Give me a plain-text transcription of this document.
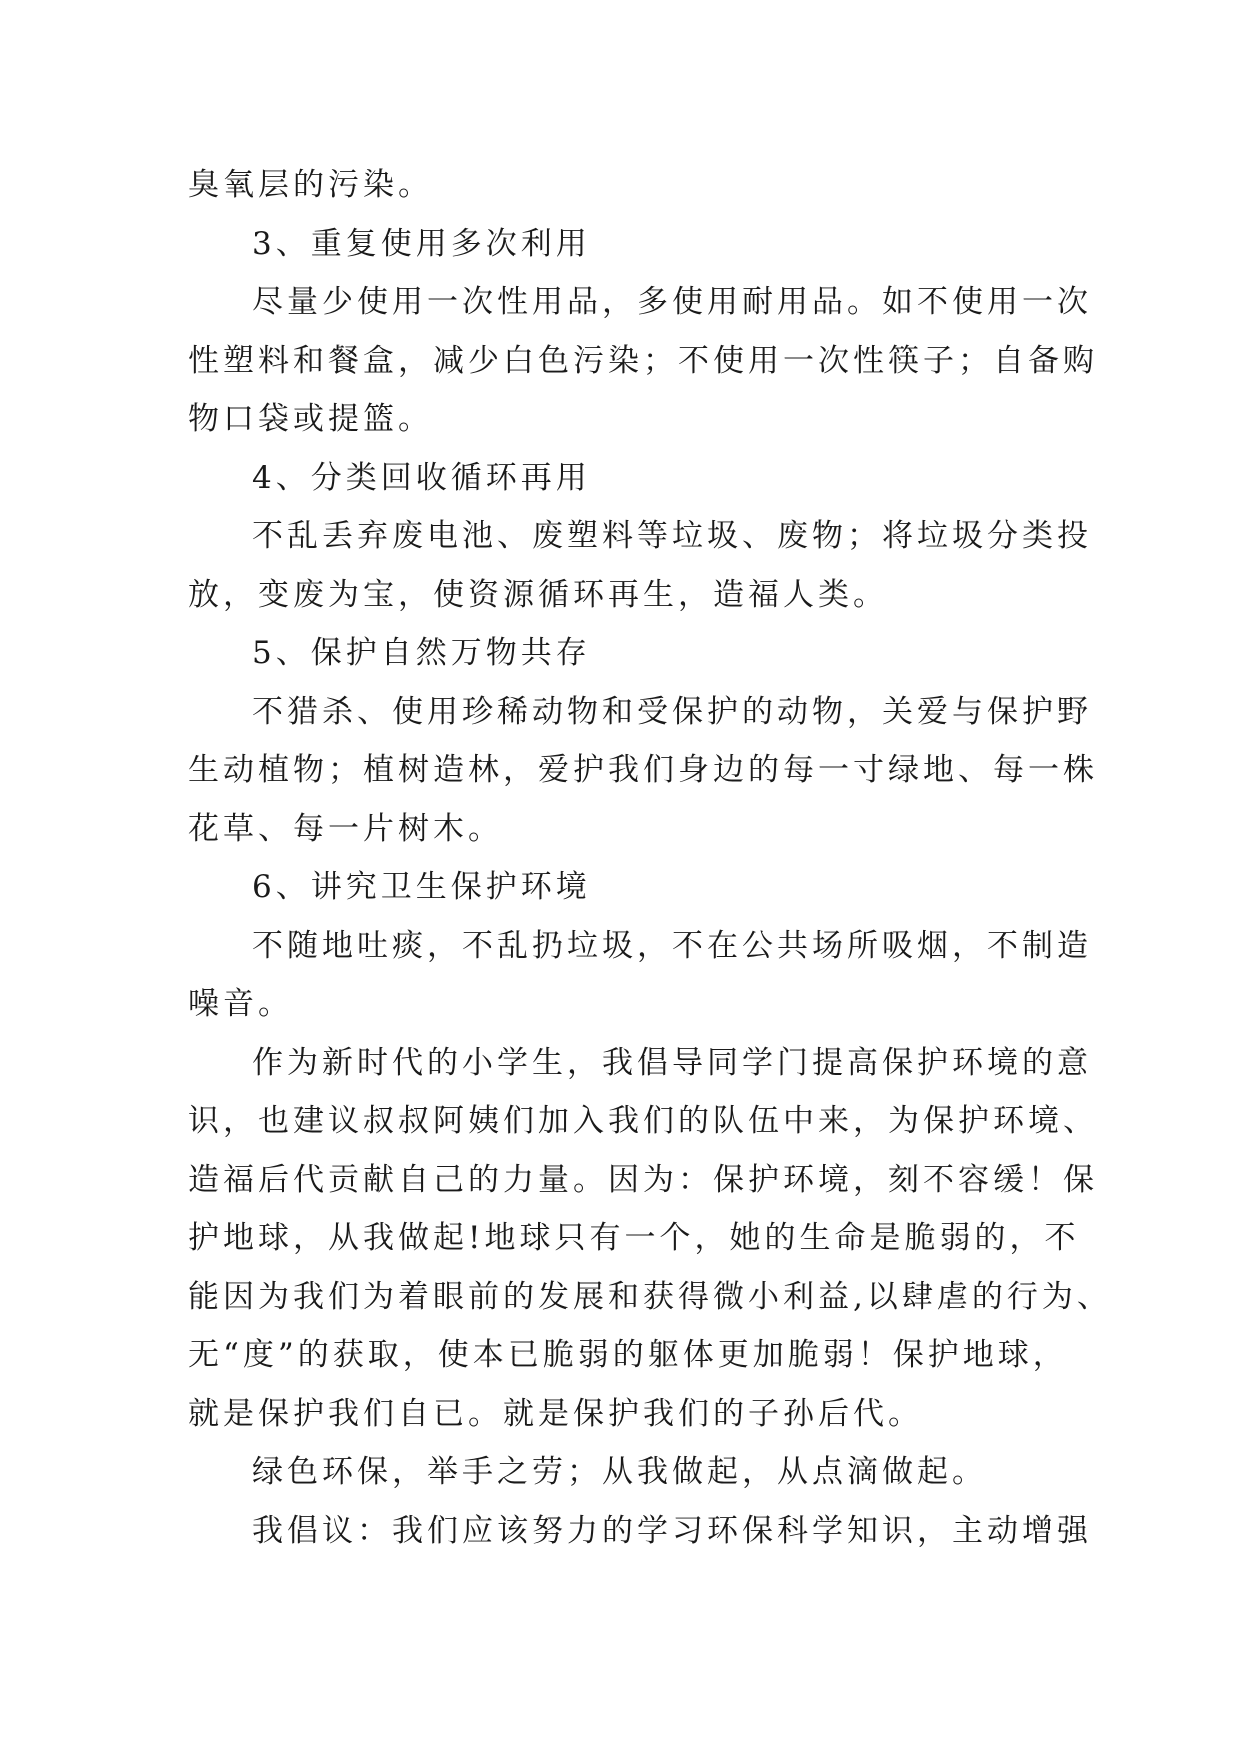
臭氧层的污染。
3、重复使用多次利用
尽量少使用一次性用品，多使用耐用品。如不使用一次
性塑料和餐盒，减少白色污染；不使用一次性筷子；自备购
物口袋或提篮。
4、分类回收循环再用
不乱丢弃废电池、废塑料等垃圾、废物；将垃圾分类投
放，变废为宝，使资源循环再生，造福人类。
5、保护自然万物共存
不猎杀、使用珍稀动物和受保护的动物，关爱与保护野
生动植物；植树造林，爱护我们身边的每一寸绿地、每一株
花草、每一片树木。
6、讲究卫生保护环境
不随地吐痰，不乱扔垃圾，不在公共场所吸烟，不制造
噪音。
作为新时代的小学生，我倡导同学门提高保护环境的意
识，也建议叔叔阿姨们加入我们的队伍中来，为保护环境、
造福后代贡献自己的力量。因为：保护环境，刻不容缓！保
护地球，从我做起!地球只有一个，她的生命是脆弱的，不
能因为我们为着眼前的发展和获得微小利益,以肆虐的行为、
无“度”的获取，使本已脆弱的躯体更加脆弱！保护地球，
就是保护我们自已。就是保护我们的子孙后代。
绿色环保，举手之劳；从我做起，从点滴做起。
我倡议：我们应该努力的学习环保科学知识，主动增强
